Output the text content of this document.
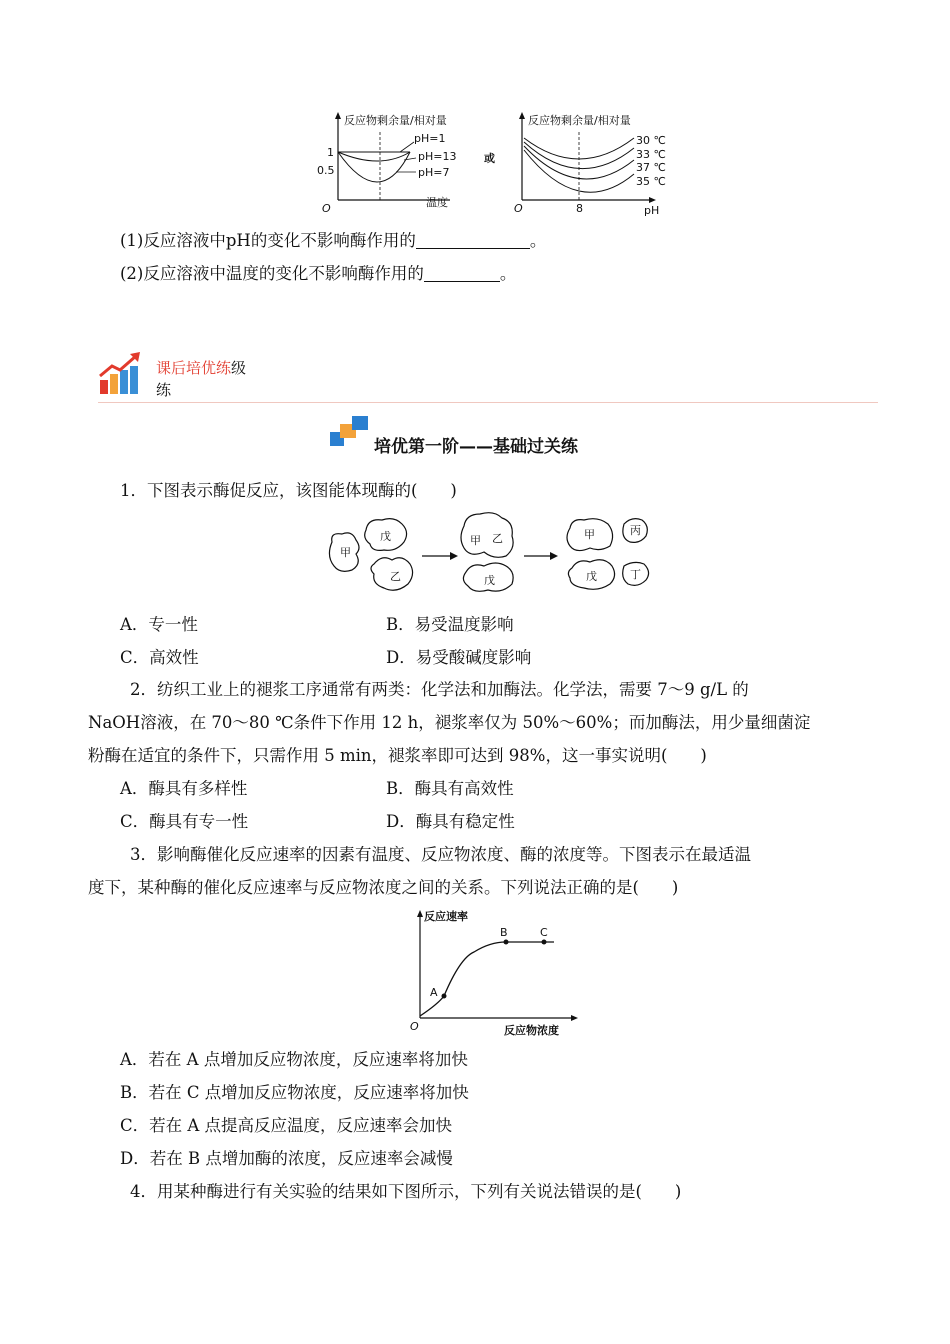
反应物剩余量/相对量
温度
O
1
0.5
pH=1
pH=13
pH=7
或
反应物剩余量/相对量
pH
O	8
30 ℃
33 ℃
37 ℃
35 ℃
(1)反应溶液中pH的变化不影响酶作用的	。
(2)反应溶液中温度的变化不影响酶作用的	。
课后培优练级
练
培优第一阶——基础过关练
1．下图表示酶促反应，该图能体现酶的(　　)
甲
戊
乙
甲 乙
戊
甲	丙
戊	丁
A．专一性	B．易受温度影响
C．高效性	D．易受酸碱度影响

2．纺织工业上的褪浆工序通常有两类：化学法和加酶法。化学法，需要 7～9 g/L 的

NaOH溶液，在 70～80 ℃条件下作用 12 h，褪浆率仅为 50%～60%；而加酶法，用少量细菌淀

粉酶在适宜的条件下，只需作用 5 min，褪浆率即可达到 98%，这一事实说明(　　)

A．酶具有多样性	B．酶具有高效性
C．酶具有专一性	D．酶具有稳定性

3．影响酶催化反应速率的因素有温度、反应物浓度、酶的浓度等。下图表示在最适温

度下，某种酶的催化反应速率与反应物浓度之间的关系。下列说法正确的是(　　)

反应速率
反应物浓度
O
A
B	C
A．若在 A 点增加反应物浓度，反应速率将加快
B．若在 C 点增加反应物浓度，反应速率将加快
C．若在 A 点提高反应温度，反应速率会加快
D．若在 B 点增加酶的浓度，反应速率会减慢
4．用某种酶进行有关实验的结果如下图所示，下列有关说法错误的是(　　)
